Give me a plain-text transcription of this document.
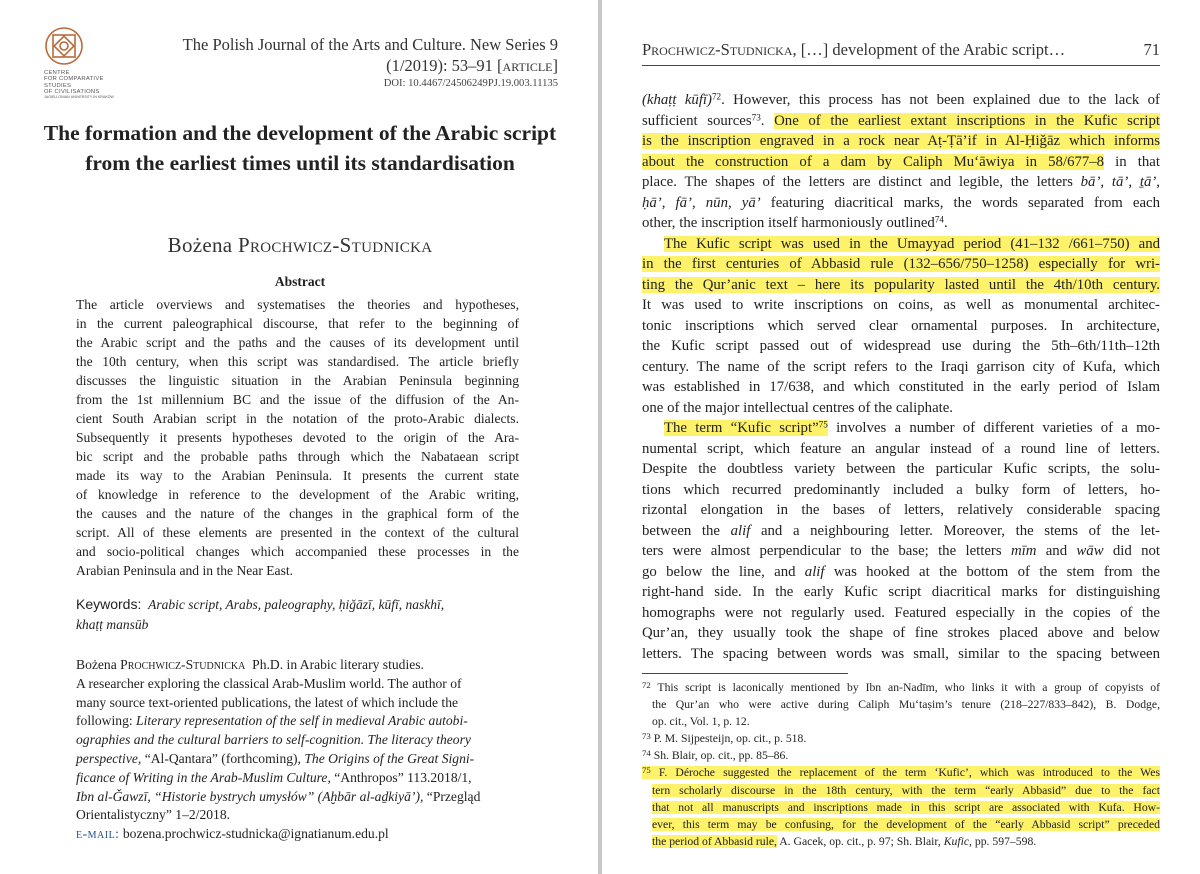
CENTRE
FOR COMPARATIVE
STUDIES
OF CIVILISATIONS
JAGIELLONIAN UNIVERSITY IN KRAKÓW
The Polish Journal of the Arts and Culture. New Series 9
(1/2019): 53–91 [article]
DOI: 10.4467/24506249PJ.19.003.11135
The formation and the development of the Arabic script from the earliest times until its standardisation
Bożena Prochwicz-Studnicka
Abstract
The article overviews and systematises the theories and hypotheses,
in the current paleographical discourse, that refer to the beginning of
the Arabic script and the paths and the causes of its development until
the 10th century, when this script was standardised. The article briefly
discusses the linguistic situation in the Arabian Peninsula beginning
from the 1st millennium BC and the issue of the diffusion of the An-
cient South Arabian script in the notation of the proto-Arabic dialects.
Subsequently it presents hypotheses devoted to the origin of the Ara-
bic script and the probable paths through which the Nabataean script
made its way to the Arabian Peninsula. It presents the current state
of knowledge in reference to the development of the Arabic writing,
the causes and the nature of the changes in the graphical form of the
script. All of these elements are presented in the context of the cultural
and socio-political changes which accompanied these processes in the
Arabian Peninsula and in the Near East.
Keywords: Arabic script, Arabs, paleography, ḥiǧāzī, kūfī, naskhī,
khaṭṭ mansūb
Bożena Prochwicz-Studnicka Ph.D. in Arabic literary studies.
A researcher exploring the classical Arab-Muslim world. The author of
many source text-oriented publications, the latest of which include the
following: Literary representation of the self in medieval Arabic autobi-
ographies and the cultural barriers to self-cognition. The literacy theory
perspective, “Al-Qantara” (forthcoming), The Origins of the Great Signi-
ficance of Writing in the Arab-Muslim Culture, “Anthropos” 113.2018/1,
Ibn al-Ǧawzī, “Historie bystrych umysłów” (Aḫbār al-aḏkiyā’), “Przegląd
Orientalistyczny” 1–2/2018.
e-mail: bozena.prochwicz-studnicka@ignatianum.edu.pl
Prochwicz-Studnicka, […] development of the Arabic script…	71
(khaṭṭ kūfī)$^{72}$. However, this process has not been explained due to the lack of
sufficient sources$^{73}$. One of the earliest extant inscriptions in the Kufic script
is the inscription engraved in a rock near Aṭ-Ṭā’if in Al-Ḥiǧāz which informs
about the construction of a dam by Caliph Mu‘āwiya in 58/677–8 in that
place. The shapes of the letters are distinct and legible, the letters bā’, tā’, ṯā’,
ḥā’, fā’, nūn, yā’ featuring diacritical marks, the words separated from each
other, the inscription itself harmoniously outlined$^{74}$.
The Kufic script was used in the Umayyad period (41–132 /661–750) and
in the first centuries of Abbasid rule (132–656/750–1258) especially for wri-
ting the Qur’anic text – here its popularity lasted until the 4th/10th century.
It was used to write inscriptions on coins, as well as monumental architec-
tonic inscriptions which served clear ornamental purposes. In architecture,
the Kufic script passed out of widespread use during the 5th–6th/11th–12th
century. The name of the script refers to the Iraqi garrison city of Kufa, which
was established in 17/638, and which constituted in the early period of Islam
one of the major intellectual centres of the caliphate.
The term “Kufic script”$^{75}$ involves a number of different varieties of a mo-
numental script, which feature an angular instead of a round line of letters.
Despite the doubtless variety between the particular Kufic scripts, the solu-
tions which recurred predominantly included a bulky form of letters, ho-
rizontal elongation in the bases of letters, relatively considerable spacing
between the alif and a neighbouring letter. Moreover, the stems of the let-
ters were almost perpendicular to the base; the letters mīm and wāw did not
go below the line, and alif was hooked at the bottom of the stem from the
right-hand side. In the early Kufic script diacritical marks for distinguishing
homographs were not regularly used. Featured especially in the copies of the
Qur’an, they usually took the shape of fine strokes placed above and below
letters. The spacing between words was small, similar to the spacing between
$^{72}$ This script is laconically mentioned by Ibn an-Nadīm, who links it with a group of copyists of
the Qur’an who were active during Caliph Mu‘taṣim’s tenure (218–227/833–842), B. Dodge,
op. cit., Vol. 1, p. 12.
$^{73}$ P. M. Sijpesteijn, op. cit., p. 518.
$^{74}$ Sh. Blair, op. cit., pp. 85–86.
$^{75}$ F. Déroche suggested the replacement of the term ‘Kufic’, which was introduced to the Wes
tern scholarly discourse in the 18th century, with the term “early Abbasid” due to the fact
that not all manuscripts and inscriptions made in this script are associated with Kufa. How-
ever, this term may be confusing, for the development of the “early Abbasid script” preceded
the period of Abbasid rule, A. Gacek, op. cit., p. 97; Sh. Blair, Kufic, pp. 597–598.
